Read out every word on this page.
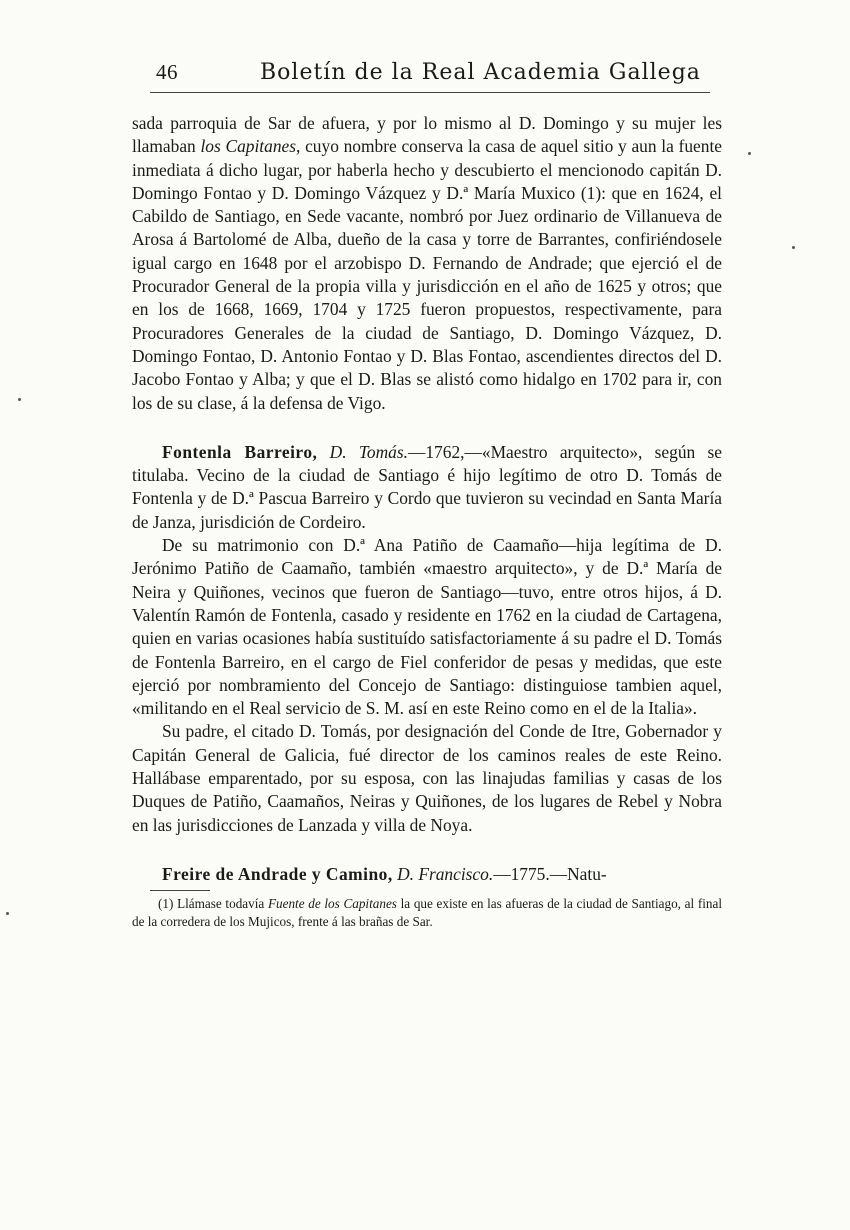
46	Boletín de la Real Academia Gallega

sada parroquia de Sar de afuera, y por lo mismo al D. Domingo y su mujer les llamaban los Capitanes, cuyo nombre conserva la casa de aquel sitio y aun la fuente inmediata á dicho lugar, por haberla hecho y descubierto el mencionodo capitán D. Domingo Fontao y D. Domingo Vázquez y D.ª María Muxico (1): que en 1624, el Cabildo de Santiago, en Sede vacante, nombró por Juez ordinario de Villanueva de Arosa á Bartolomé de Alba, dueño de la casa y torre de Barrantes, confiriéndosele igual cargo en 1648 por el arzobispo D. Fernando de Andrade; que ejerció el de Procurador General de la propia villa y jurisdicción en el año de 1625 y otros; que en los de 1668, 1669, 1704 y 1725 fueron propuestos, respectivamente, para Procuradores Generales de la ciudad de Santiago, D. Domingo Vázquez, D. Domingo Fontao, D. Antonio Fontao y D. Blas Fontao, ascendientes directos del D. Jacobo Fontao y Alba; y que el D. Blas se alistó como hidalgo en 1702 para ir, con los de su clase, á la defensa de Vigo.

Fontenla Barreiro, D. Tomás.—1762,—«Maestro arquitecto», según se titulaba. Vecino de la ciudad de Santiago é hijo legítimo de otro D. Tomás de Fontenla y de D.ª Pascua Barreiro y Cordo que tuvieron su vecindad en Santa María de Janza, jurisdición de Cordeiro.

De su matrimonio con D.ª Ana Patiño de Caamaño—hija legítima de D. Jerónimo Patiño de Caamaño, también «maestro arquitecto», y de D.ª María de Neira y Quiñones, vecinos que fueron de Santiago—tuvo, entre otros hijos, á D. Valentín Ramón de Fontenla, casado y residente en 1762 en la ciudad de Cartagena, quien en varias ocasiones había sustituído satisfactoriamente á su padre el D. Tomás de Fontenla Barreiro, en el cargo de Fiel conferidor de pesas y medidas, que este ejerció por nombramiento del Concejo de Santiago: distinguiose tambien aquel, «militando en el Real servicio de S. M. así en este Reino como en el de la Italia».

Su padre, el citado D. Tomás, por designación del Conde de Itre, Gobernador y Capitán General de Galicia, fué director de los caminos reales de este Reino. Hallábase emparentado, por su esposa, con las linajudas familias y casas de los Duques de Patiño, Caamaños, Neiras y Quiñones, de los lugares de Rebel y Nobra en las jurisdicciones de Lanzada y villa de Noya.

Freire de Andrade y Camino, D. Francisco.—1775.—Natu-

(1) Llámase todavía Fuente de los Capitanes la que existe en las afueras de la ciudad de Santiago, al final de la corredera de los Mujicos, frente á las brañas de Sar.
